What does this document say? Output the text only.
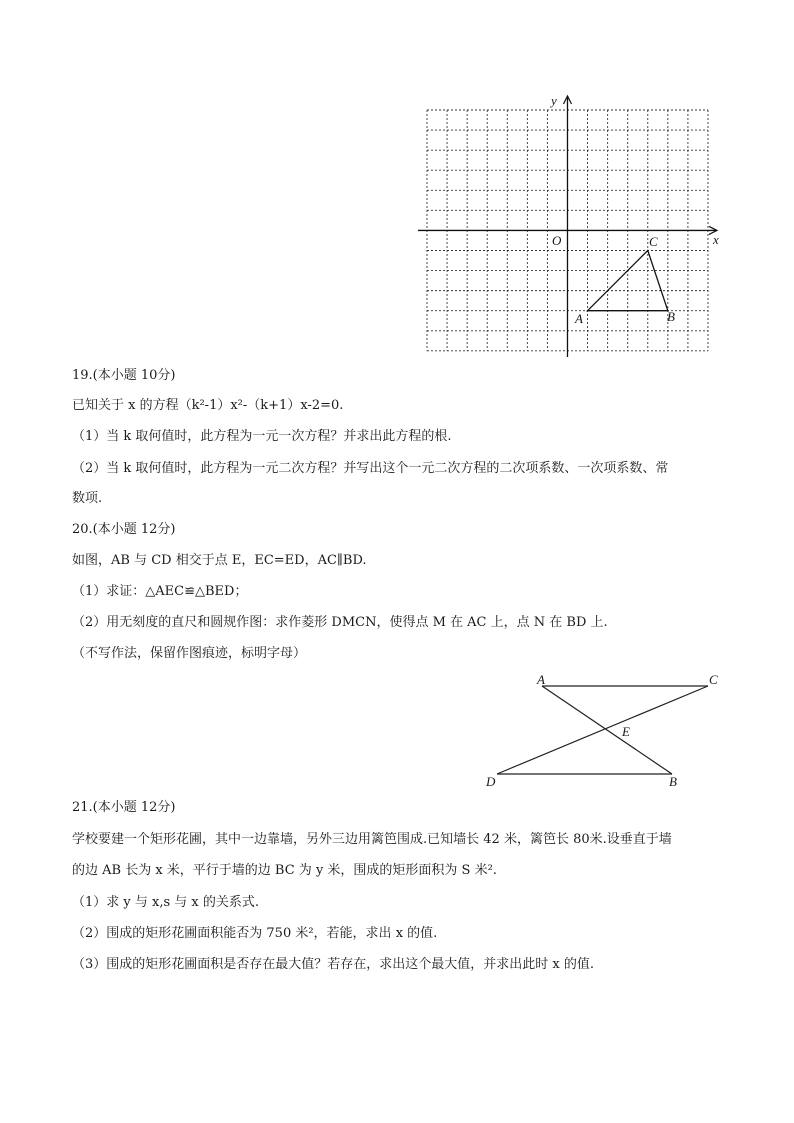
y
x
O	C
A	B
19.(本小题 10分)
已知关于 x 的方程（k²-1）x²-（k+1）x-2=0.
（1）当 k 取何值时，此方程为一元一次方程？并求出此方程的根.
（2）当 k 取何值时，此方程为一元二次方程？并写出这个一元二次方程的二次项系数、一次项系数、常
数项.
20.(本小题 12分)
如图，AB 与 CD 相交于点 E，EC=ED，AC∥BD.
（1）求证：△AEC≌△BED；
（2）用无刻度的直尺和圆规作图：求作菱形 DMCN，使得点 M 在 AC 上，点 N 在 BD 上.
（不写作法，保留作图痕迹，标明字母）
A	C
E
D	B
21.(本小题 12分)
学校要建一个矩形花圃，其中一边靠墙，另外三边用篱笆围成.已知墙长 42 米，篱笆长 80米.设垂直于墙
的边 AB 长为 x 米，平行于墙的边 BC 为 y 米，围成的矩形面积为 S 米².
（1）求 y 与 x,s 与 x 的关系式.
（2）围成的矩形花圃面积能否为 750 米²，若能，求出 x 的值.
（3）围成的矩形花圃面积是否存在最大值？若存在，求出这个最大值，并求出此时 x 的值.
